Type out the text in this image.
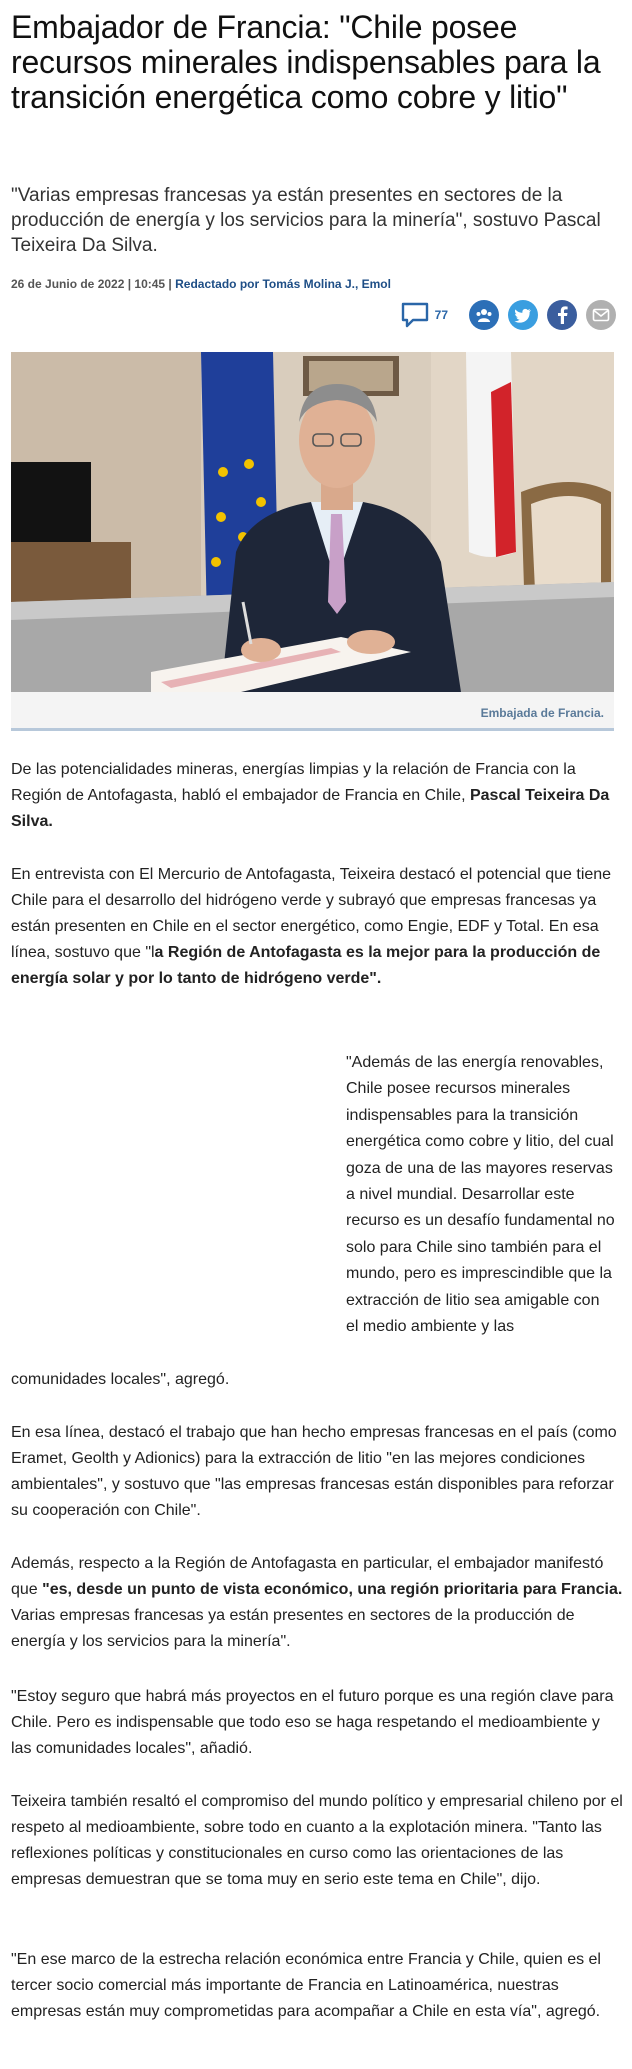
Embajador de Francia: "Chile posee recursos minerales indispensables para la transición energética como cobre y litio"

"Varias empresas francesas ya están presentes en sectores de la producción de energía y los servicios para la minería", sostuvo Pascal Teixeira Da Silva.

26 de Junio de 2022 | 10:45 | Redactado por Tomás Molina J., Emol
77
Embajada de Francia.

De las potencialidades mineras, energías limpias y la relación de Francia con la Región de Antofagasta, habló el embajador de Francia en Chile, Pascal Teixeira Da Silva.

En entrevista con El Mercurio de Antofagasta, Teixeira destacó el potencial que tiene Chile para el desarrollo del hidrógeno verde y subrayó que empresas francesas ya están presenten en Chile en el sector energético, como Engie, EDF y Total. En esa línea, sostuvo que "la Región de Antofagasta es la mejor para la producción de energía solar y por lo tanto de hidrógeno verde".

"Además de las energía renovables, Chile posee recursos minerales indispensables para la transición energética como cobre y litio, del cual goza de una de las mayores reservas a nivel mundial. Desarrollar este recurso es un desafío fundamental no solo para Chile sino también para el mundo, pero es imprescindible que la extracción de litio sea amigable con el medio ambiente y las

comunidades locales", agregó.

En esa línea, destacó el trabajo que han hecho empresas francesas en el país (como Eramet, Geolth y Adionics) para la extracción de litio "en las mejores condiciones ambientales", y sostuvo que "las empresas francesas están disponibles para reforzar su cooperación con Chile".

Además, respecto a la Región de Antofagasta en particular, el embajador manifestó que "es, desde un punto de vista económico, una región prioritaria para Francia. Varias empresas francesas ya están presentes en sectores de la producción de energía y los servicios para la minería".

"Estoy seguro que habrá más proyectos en el futuro porque es una región clave para Chile. Pero es indispensable que todo eso se haga respetando el medioambiente y las comunidades locales", añadió.

Teixeira también resaltó el compromiso del mundo político y empresarial chileno por el respeto al medioambiente, sobre todo en cuanto a la explotación minera. "Tanto las reflexiones políticas y constitucionales en curso como las orientaciones de las empresas demuestran que se toma muy en serio este tema en Chile", dijo.

"En ese marco de la estrecha relación económica entre Francia y Chile, quien es el tercer socio comercial más importante de Francia en Latinoamérica, nuestras empresas están muy comprometidas para acompañar a Chile en esta vía", agregó.
